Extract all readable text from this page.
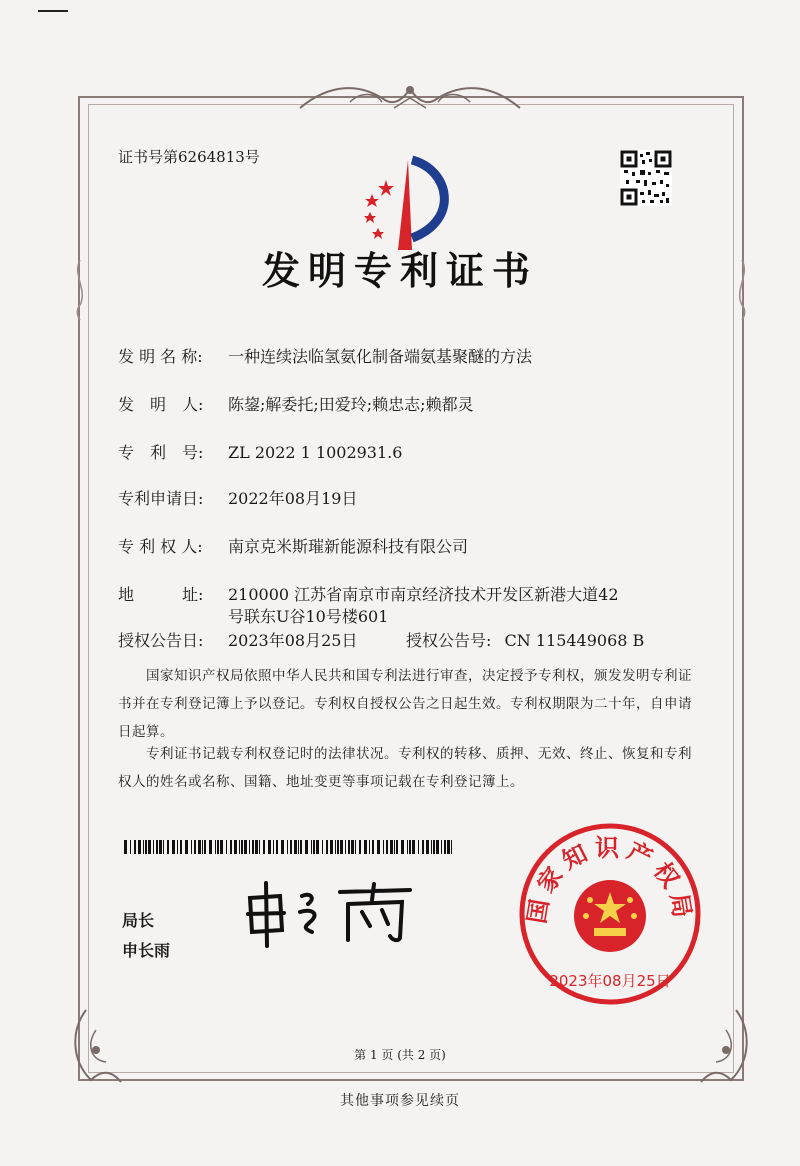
证书号第6264813号
发明专利证书
发 明 名 称: 一种连续法临氢氨化制备端氨基聚醚的方法
发　明　人: 陈鋆;解委托;田爱玲;赖忠志;赖都灵
专　利　号: ZL 2022 1 1002931.6
专利申请日: 2022年08月19日
专 利 权 人: 南京克米斯璀新能源科技有限公司
地　　　址: 210000 江苏省南京市南京经济技术开发区新港大道42
号联东U谷10号楼601
授权公告日: 2023年08月25日	授权公告号: CN 115449068 B
国家知识产权局依照中华人民共和国专利法进行审查，决定授予专利权，颁发发明专利证书并在专利登记簿上予以登记。专利权自授权公告之日起生效。专利权期限为二十年，自申请日起算。
专利证书记载专利权登记时的法律状况。专利权的转移、质押、无效、终止、恢复和专利权人的姓名或名称、国籍、地址变更等事项记载在专利登记簿上。
局长
申长雨
国家知识产权局
2023年08月25日
第 1 页 (共 2 页)
其他事项参见续页
